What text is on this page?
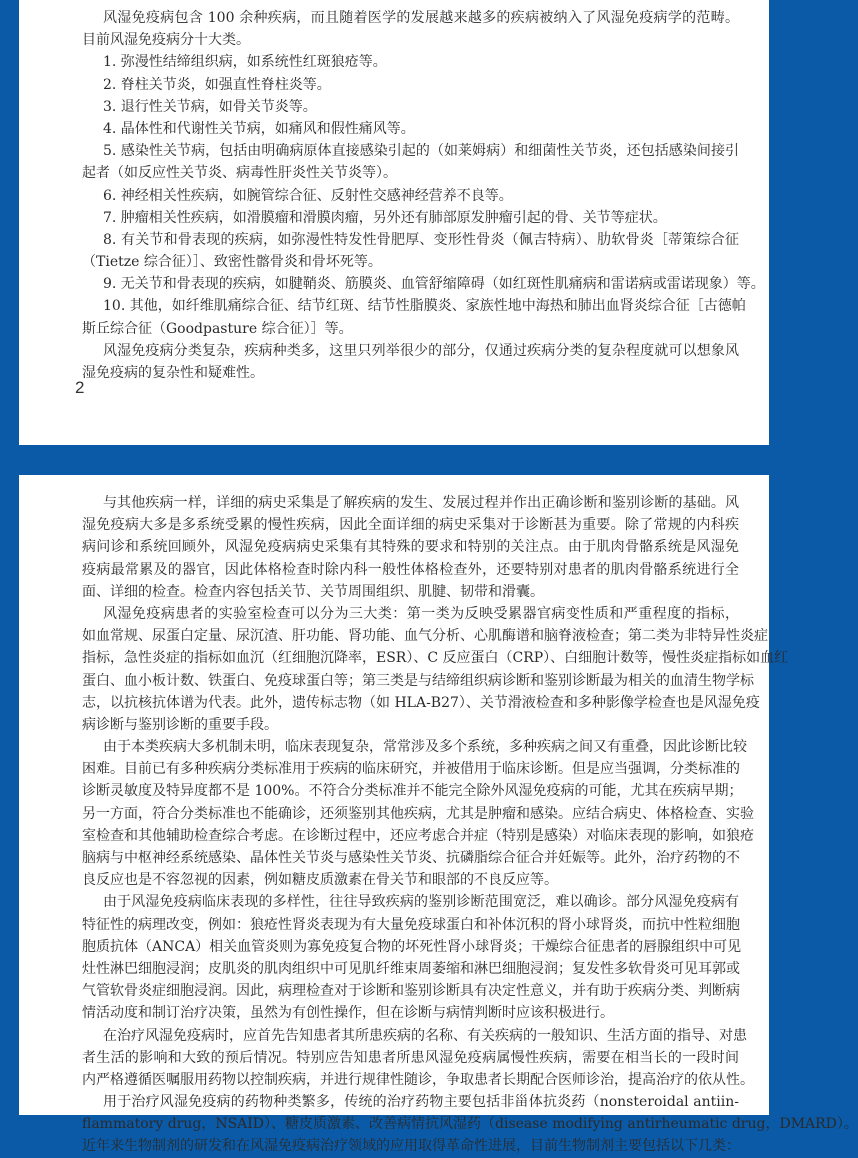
风湿免疫病包含 100 余种疾病，而且随着医学的发展越来越多的疾病被纳入了风湿免疫病学的范畴。
目前风湿免疫病分十大类。
1. 弥漫性结缔组织病，如系统性红斑狼疮等。
2. 脊柱关节炎，如强直性脊柱炎等。
3. 退行性关节病，如骨关节炎等。
4. 晶体性和代谢性关节病，如痛风和假性痛风等。
5. 感染性关节病，包括由明确病原体直接感染引起的（如莱姆病）和细菌性关节炎，还包括感染间接引
起者（如反应性关节炎、病毒性肝炎性关节炎等）。
6. 神经相关性疾病，如腕管综合征、反射性交感神经营养不良等。
7. 肿瘤相关性疾病，如滑膜瘤和滑膜肉瘤，另外还有肺部原发肿瘤引起的骨、关节等症状。
8. 有关节和骨表现的疾病，如弥漫性特发性骨肥厚、变形性骨炎（佩吉特病）、肋软骨炎［蒂策综合征
（Tietze 综合征）］、致密性髂骨炎和骨坏死等。
9. 无关节和骨表现的疾病，如腱鞘炎、筋膜炎、血管舒缩障碍（如红斑性肌痛病和雷诺病或雷诺现象）等。
10. 其他，如纤维肌痛综合征、结节红斑、结节性脂膜炎、家族性地中海热和肺出血肾炎综合征［古德帕
斯丘综合征（Goodpasture 综合征）］等。
风湿免疫病分类复杂，疾病种类多，这里只列举很少的部分，仅通过疾病分类的复杂程度就可以想象风
湿免疫病的复杂性和疑难性。
2
与其他疾病一样，详细的病史采集是了解疾病的发生、发展过程并作出正确诊断和鉴别诊断的基础。风
湿免疫病大多是多系统受累的慢性疾病，因此全面详细的病史采集对于诊断甚为重要。除了常规的内科疾
病问诊和系统回顾外，风湿免疫病病史采集有其特殊的要求和特别的关注点。由于肌肉骨骼系统是风湿免
疫病最常累及的器官，因此体格检查时除内科一般性体格检查外，还要特别对患者的肌肉骨骼系统进行全
面、详细的检查。检查内容包括关节、关节周围组织、肌腱、韧带和滑囊。
风湿免疫病患者的实验室检查可以分为三大类：第一类为反映受累器官病变性质和严重程度的指标，
如血常规、尿蛋白定量、尿沉渣、肝功能、肾功能、血气分析、心肌酶谱和脑脊液检查；第二类为非特异性炎症
指标，急性炎症的指标如血沉（红细胞沉降率，ESR）、C 反应蛋白（CRP）、白细胞计数等，慢性炎症指标如血红
蛋白、血小板计数、铁蛋白、免疫球蛋白等；第三类是与结缔组织病诊断和鉴别诊断最为相关的血清生物学标
志，以抗核抗体谱为代表。此外，遗传标志物（如 HLA-B27）、关节滑液检查和多种影像学检查也是风湿免疫
病诊断与鉴别诊断的重要手段。
由于本类疾病大多机制未明，临床表现复杂，常常涉及多个系统，多种疾病之间又有重叠，因此诊断比较
困难。目前已有多种疾病分类标准用于疾病的临床研究，并被借用于临床诊断。但是应当强调，分类标准的
诊断灵敏度及特异度都不是 100%。不符合分类标准并不能完全除外风湿免疫病的可能，尤其在疾病早期；
另一方面，符合分类标准也不能确诊，还须鉴别其他疾病，尤其是肿瘤和感染。应结合病史、体格检查、实验
室检查和其他辅助检查综合考虑。在诊断过程中，还应考虑合并症（特别是感染）对临床表现的影响，如狼疮
脑病与中枢神经系统感染、晶体性关节炎与感染性关节炎、抗磷脂综合征合并妊娠等。此外，治疗药物的不
良反应也是不容忽视的因素，例如糖皮质激素在骨关节和眼部的不良反应等。
由于风湿免疫病临床表现的多样性，往往导致疾病的鉴别诊断范围宽泛，难以确诊。部分风湿免疫病有
特征性的病理改变，例如：狼疮性肾炎表现为有大量免疫球蛋白和补体沉积的肾小球肾炎，而抗中性粒细胞
胞质抗体（ANCA）相关血管炎则为寡免疫复合物的坏死性肾小球肾炎；干燥综合征患者的唇腺组织中可见
灶性淋巴细胞浸润；皮肌炎的肌肉组织中可见肌纤维束周萎缩和淋巴细胞浸润；复发性多软骨炎可见耳郭或
气管软骨炎症细胞浸润。因此，病理检查对于诊断和鉴别诊断具有决定性意义，并有助于疾病分类、判断病
情活动度和制订治疗决策，虽然为有创性操作，但在诊断与病情判断时应该积极进行。
在治疗风湿免疫病时，应首先告知患者其所患疾病的名称、有关疾病的一般知识、生活方面的指导、对患
者生活的影响和大致的预后情况。特别应告知患者所患风湿免疫病属慢性疾病，需要在相当长的一段时间
内严格遵循医嘱服用药物以控制疾病，并进行规律性随诊，争取患者长期配合医师诊治，提高治疗的依从性。
用于治疗风湿免疫病的药物种类繁多，传统的治疗药物主要包括非甾体抗炎药（nonsteroidal antiin-
flammatory drug，NSAID）、糖皮质激素、改善病情抗风湿药（disease modifying antirheumatic drug，DMARD）。
近年来生物制剂的研发和在风湿免疫病治疗领域的应用取得革命性进展，目前生物制剂主要包括以下几类：
